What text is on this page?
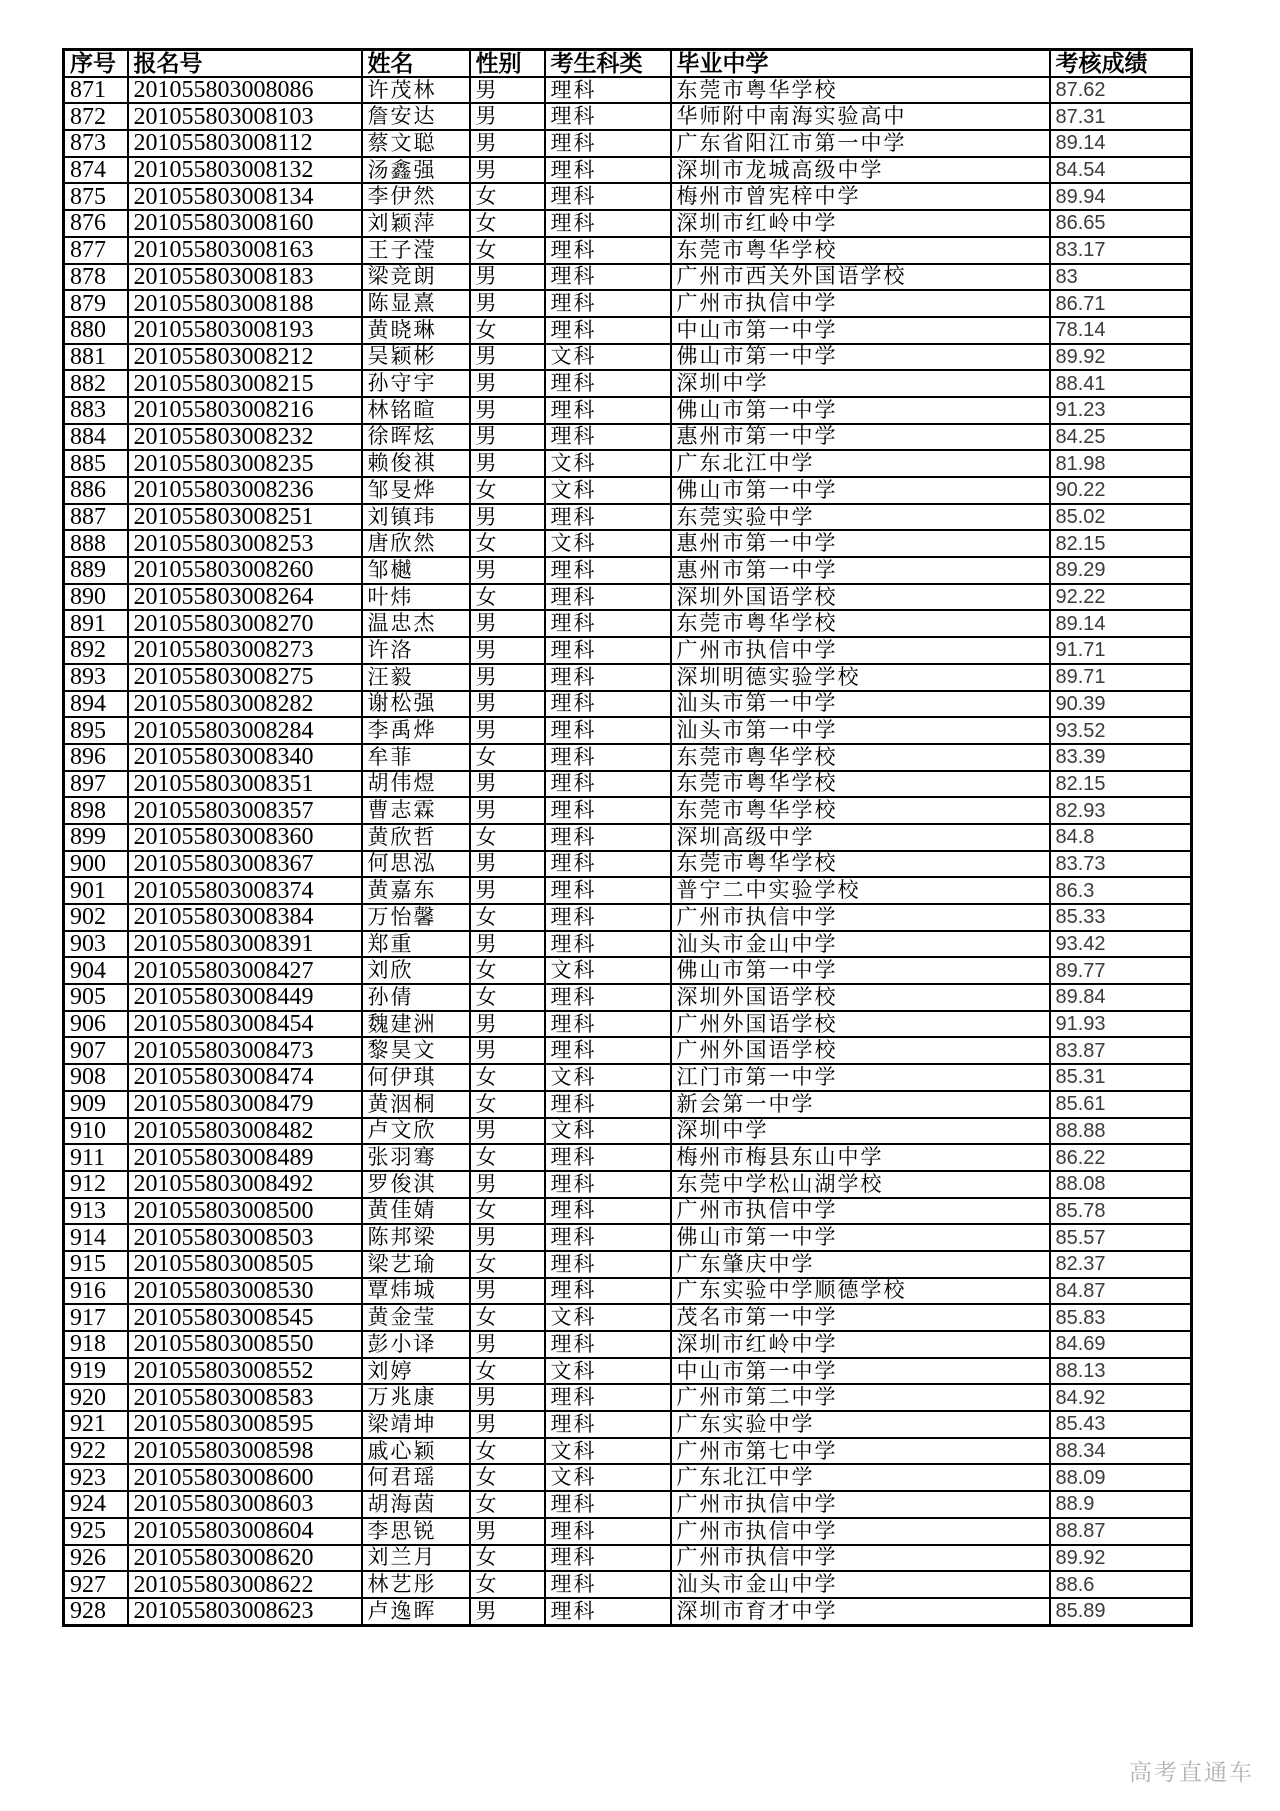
序号	报名号	姓名	性别	考生科类	毕业中学	考核成绩
871	201055803008086	许茂林	男	理科	东莞市粤华学校	87.62
872	201055803008103	詹安达	男	理科	华师附中南海实验高中	87.31
873	201055803008112	蔡文聪	男	理科	广东省阳江市第一中学	89.14
874	201055803008132	汤鑫强	男	理科	深圳市龙城高级中学	84.54
875	201055803008134	李伊然	女	理科	梅州市曾宪梓中学	89.94
876	201055803008160	刘颖萍	女	理科	深圳市红岭中学	86.65
877	201055803008163	王子滢	女	理科	东莞市粤华学校	83.17
878	201055803008183	梁竞朗	男	理科	广州市西关外国语学校	83
879	201055803008188	陈显熹	男	理科	广州市执信中学	86.71
880	201055803008193	黄晓琳	女	理科	中山市第一中学	78.14
881	201055803008212	吴颖彬	男	文科	佛山市第一中学	89.92
882	201055803008215	孙守宇	男	理科	深圳中学	88.41
883	201055803008216	林铭暄	男	理科	佛山市第一中学	91.23
884	201055803008232	徐晖炫	男	理科	惠州市第一中学	84.25
885	201055803008235	赖俊祺	男	文科	广东北江中学	81.98
886	201055803008236	邹旻烨	女	文科	佛山市第一中学	90.22
887	201055803008251	刘镇玮	男	理科	东莞实验中学	85.02
888	201055803008253	唐欣然	女	文科	惠州市第一中学	82.15
889	201055803008260	邹樾	男	理科	惠州市第一中学	89.29
890	201055803008264	叶炜	女	理科	深圳外国语学校	92.22
891	201055803008270	温忠杰	男	理科	东莞市粤华学校	89.14
892	201055803008273	许洛	男	理科	广州市执信中学	91.71
893	201055803008275	汪毅	男	理科	深圳明德实验学校	89.71
894	201055803008282	谢松强	男	理科	汕头市第一中学	90.39
895	201055803008284	李禹烨	男	理科	汕头市第一中学	93.52
896	201055803008340	牟菲	女	理科	东莞市粤华学校	83.39
897	201055803008351	胡伟煜	男	理科	东莞市粤华学校	82.15
898	201055803008357	曹志霖	男	理科	东莞市粤华学校	82.93
899	201055803008360	黄欣哲	女	理科	深圳高级中学	84.8
900	201055803008367	何思泓	男	理科	东莞市粤华学校	83.73
901	201055803008374	黄嘉东	男	理科	普宁二中实验学校	86.3
902	201055803008384	万怡馨	女	理科	广州市执信中学	85.33
903	201055803008391	郑重	男	理科	汕头市金山中学	93.42
904	201055803008427	刘欣	女	文科	佛山市第一中学	89.77
905	201055803008449	孙倩	女	理科	深圳外国语学校	89.84
906	201055803008454	魏建洲	男	理科	广州外国语学校	91.93
907	201055803008473	黎昊文	男	理科	广州外国语学校	83.87
908	201055803008474	何伊琪	女	文科	江门市第一中学	85.31
909	201055803008479	黄洇桐	女	理科	新会第一中学	85.61
910	201055803008482	卢文欣	男	文科	深圳中学	88.88
911	201055803008489	张羽骞	女	理科	梅州市梅县东山中学	86.22
912	201055803008492	罗俊淇	男	理科	东莞中学松山湖学校	88.08
913	201055803008500	黄佳婧	女	理科	广州市执信中学	85.78
914	201055803008503	陈邦梁	男	理科	佛山市第一中学	85.57
915	201055803008505	梁艺瑜	女	理科	广东肇庆中学	82.37
916	201055803008530	覃炜城	男	理科	广东实验中学顺德学校	84.87
917	201055803008545	黄金莹	女	文科	茂名市第一中学	85.83
918	201055803008550	彭小译	男	理科	深圳市红岭中学	84.69
919	201055803008552	刘婷	女	文科	中山市第一中学	88.13
920	201055803008583	万兆康	男	理科	广州市第二中学	84.92
921	201055803008595	梁靖坤	男	理科	广东实验中学	85.43
922	201055803008598	戚心颖	女	文科	广州市第七中学	88.34
923	201055803008600	何君瑶	女	文科	广东北江中学	88.09
924	201055803008603	胡海茵	女	理科	广州市执信中学	88.9
925	201055803008604	李思锐	男	理科	广州市执信中学	88.87
926	201055803008620	刘兰月	女	理科	广州市执信中学	89.92
927	201055803008622	林艺彤	女	理科	汕头市金山中学	88.6
928	201055803008623	卢逸晖	男	理科	深圳市育才中学	85.89
高考直通车
